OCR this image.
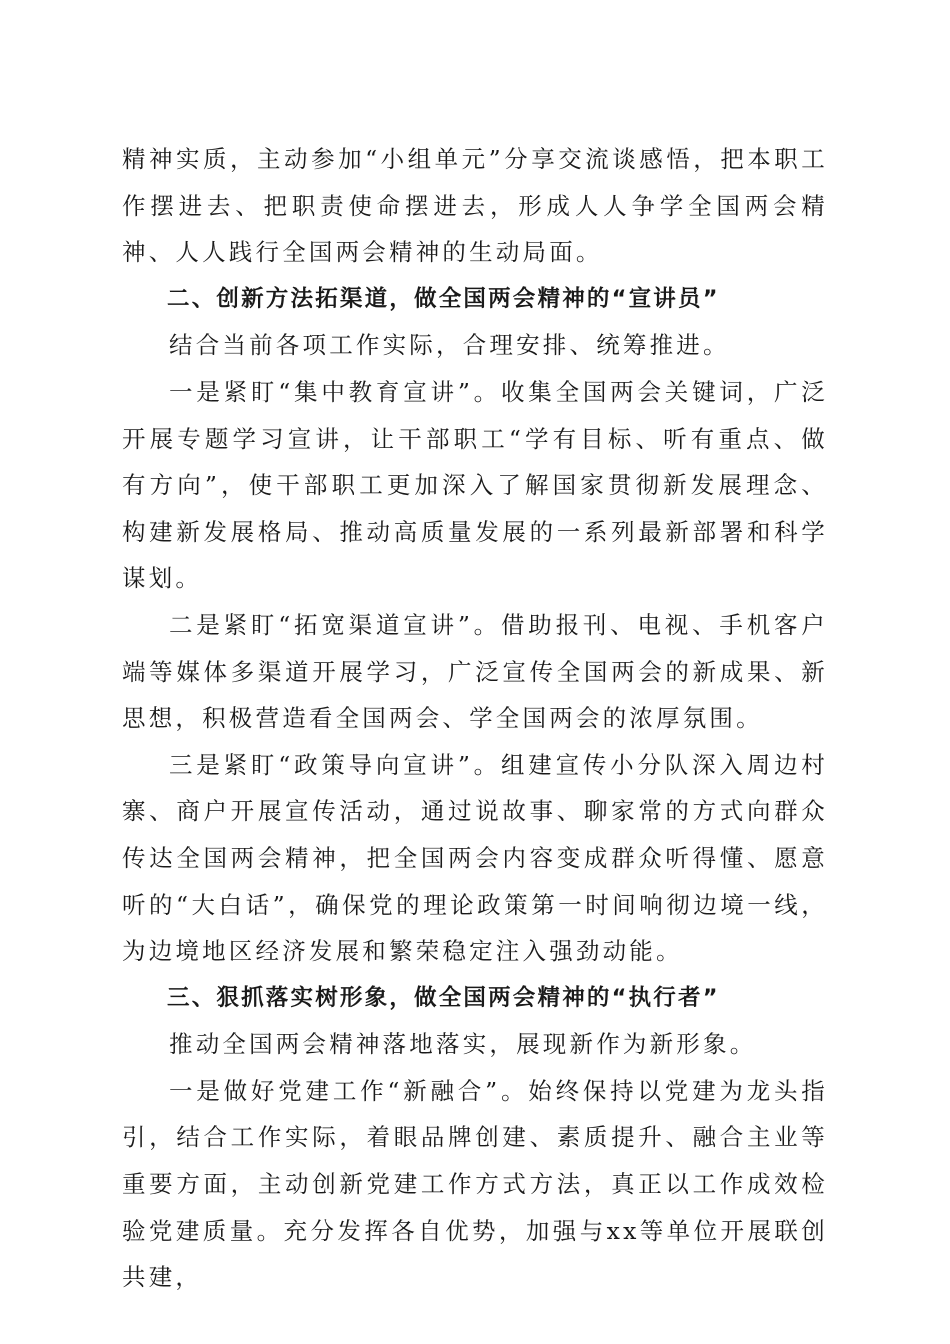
精神实质，主动参加“小组单元”分享交流谈感悟，把本职工作摆进去、把职责使命摆进去，形成人人争学全国两会精神、人人践行全国两会精神的生动局面。

二、创新方法拓渠道，做全国两会精神的“宣讲员”

结合当前各项工作实际，合理安排、统筹推进。

一是紧盯“集中教育宣讲”。收集全国两会关键词，广泛开展专题学习宣讲，让干部职工“学有目标、听有重点、做有方向”，使干部职工更加深入了解国家贯彻新发展理念、构建新发展格局、推动高质量发展的一系列最新部署和科学谋划。

二是紧盯“拓宽渠道宣讲”。借助报刊、电视、手机客户端等媒体多渠道开展学习，广泛宣传全国两会的新成果、新思想，积极营造看全国两会、学全国两会的浓厚氛围。

三是紧盯“政策导向宣讲”。组建宣传小分队深入周边村寨、商户开展宣传活动，通过说故事、聊家常的方式向群众传达全国两会精神，把全国两会内容变成群众听得懂、愿意听的“大白话”，确保党的理论政策第一时间响彻边境一线，为边境地区经济发展和繁荣稳定注入强劲动能。

三、狠抓落实树形象，做全国两会精神的“执行者”

推动全国两会精神落地落实，展现新作为新形象。

一是做好党建工作“新融合”。始终保持以党建为龙头指引，结合工作实际，着眼品牌创建、素质提升、融合主业等重要方面，主动创新党建工作方式方法，真正以工作成效检验党建质量。充分发挥各自优势，加强与xx等单位开展联创共建，
